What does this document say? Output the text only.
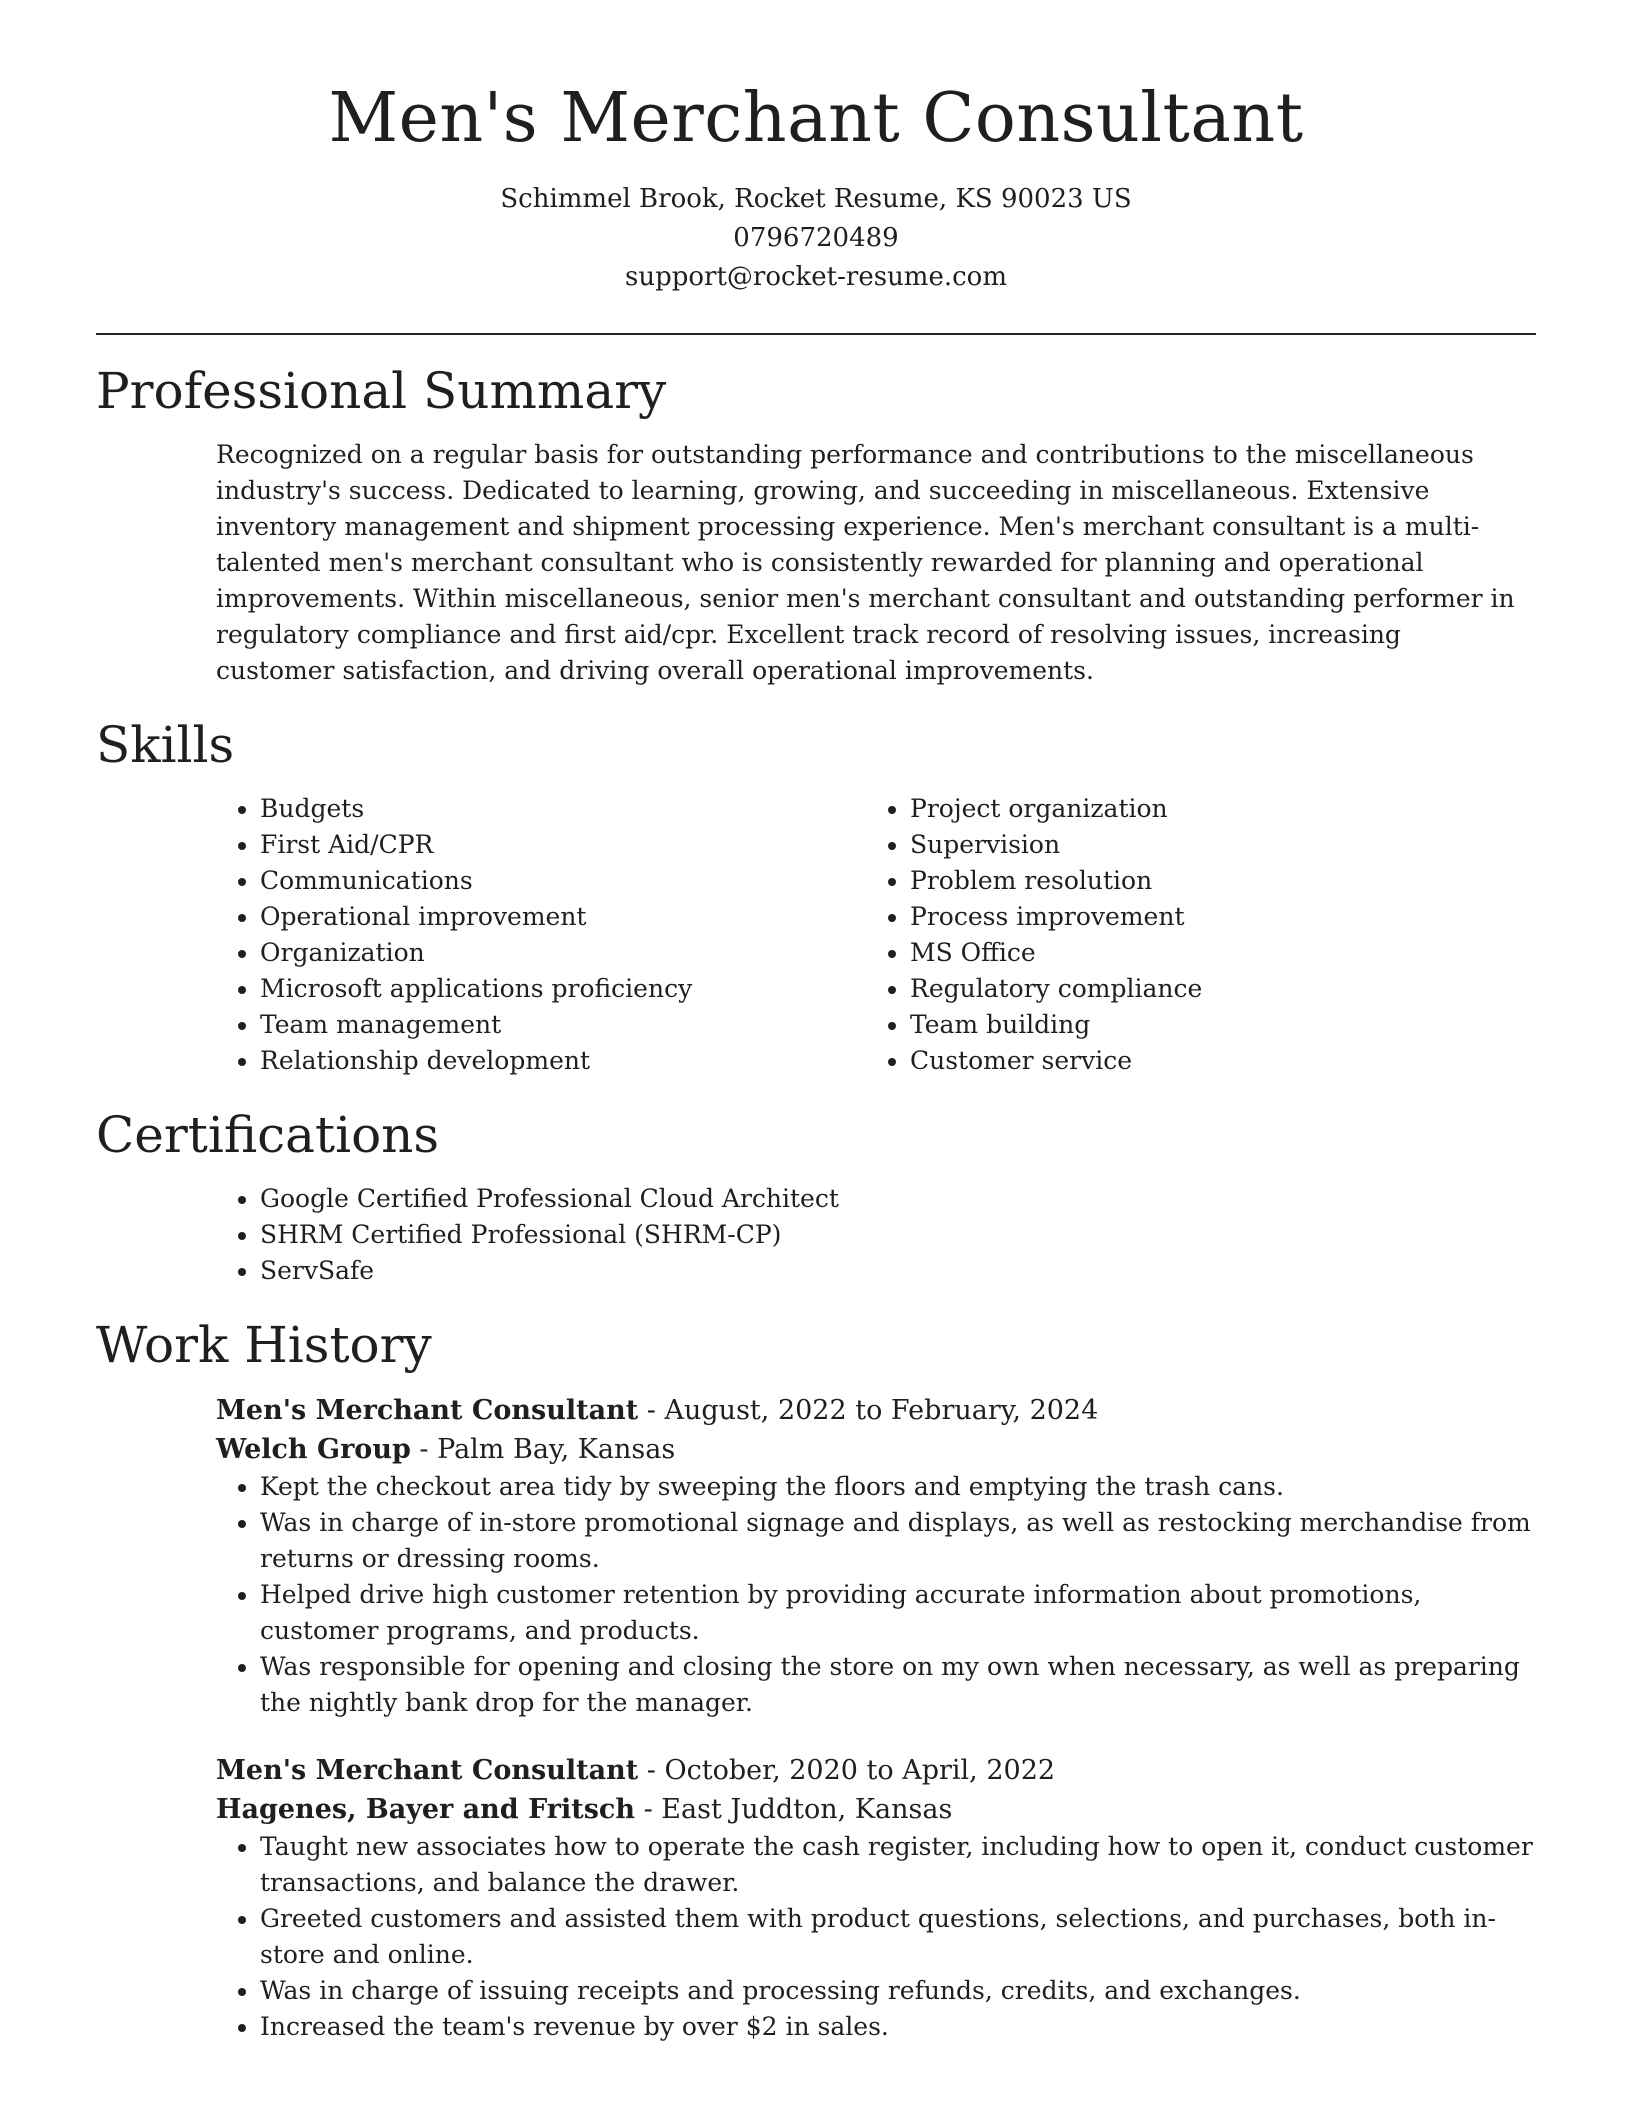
Men's Merchant Consultant

Schimmel Brook, Rocket Resume, KS 90023 US

0796720489

support@rocket-resume.com

Professional Summary

Recognized on a regular basis for outstanding performance and contributions to the miscellaneous industry's success. Dedicated to learning, growing, and succeeding in miscellaneous. Extensive inventory management and shipment processing experience. Men's merchant consultant is a multi-talented men's merchant consultant who is consistently rewarded for planning and operational improvements. Within miscellaneous, senior men's merchant consultant and outstanding performer in regulatory compliance and first aid/cpr. Excellent track record of resolving issues, increasing customer satisfaction, and driving overall operational improvements.

Skills
• Budgets
• First Aid/CPR
• Communications
• Operational improvement
• Organization
• Microsoft applications proficiency
• Team management
• Relationship development
• Project organization
• Supervision
• Problem resolution
• Process improvement
• MS Office
• Regulatory compliance
• Team building
• Customer service
Certifications
• Google Certified Professional Cloud Architect
• SHRM Certified Professional (SHRM-CP)
• ServSafe
Work History

Men's Merchant Consultant - August, 2022 to February, 2024

Welch Group - Palm Bay, Kansas

• Kept the checkout area tidy by sweeping the floors and emptying the trash cans.
• Was in charge of in-store promotional signage and displays, as well as restocking merchandise from returns or dressing rooms.
• Helped drive high customer retention by providing accurate information about promotions, customer programs, and products.
• Was responsible for opening and closing the store on my own when necessary, as well as preparing the nightly bank drop for the manager.

Men's Merchant Consultant - October, 2020 to April, 2022

Hagenes, Bayer and Fritsch - East Juddton, Kansas

• Taught new associates how to operate the cash register, including how to open it, conduct customer transactions, and balance the drawer.
• Greeted customers and assisted them with product questions, selections, and purchases, both in-store and online.
• Was in charge of issuing receipts and processing refunds, credits, and exchanges.
• Increased the team's revenue by over $2 in sales.
